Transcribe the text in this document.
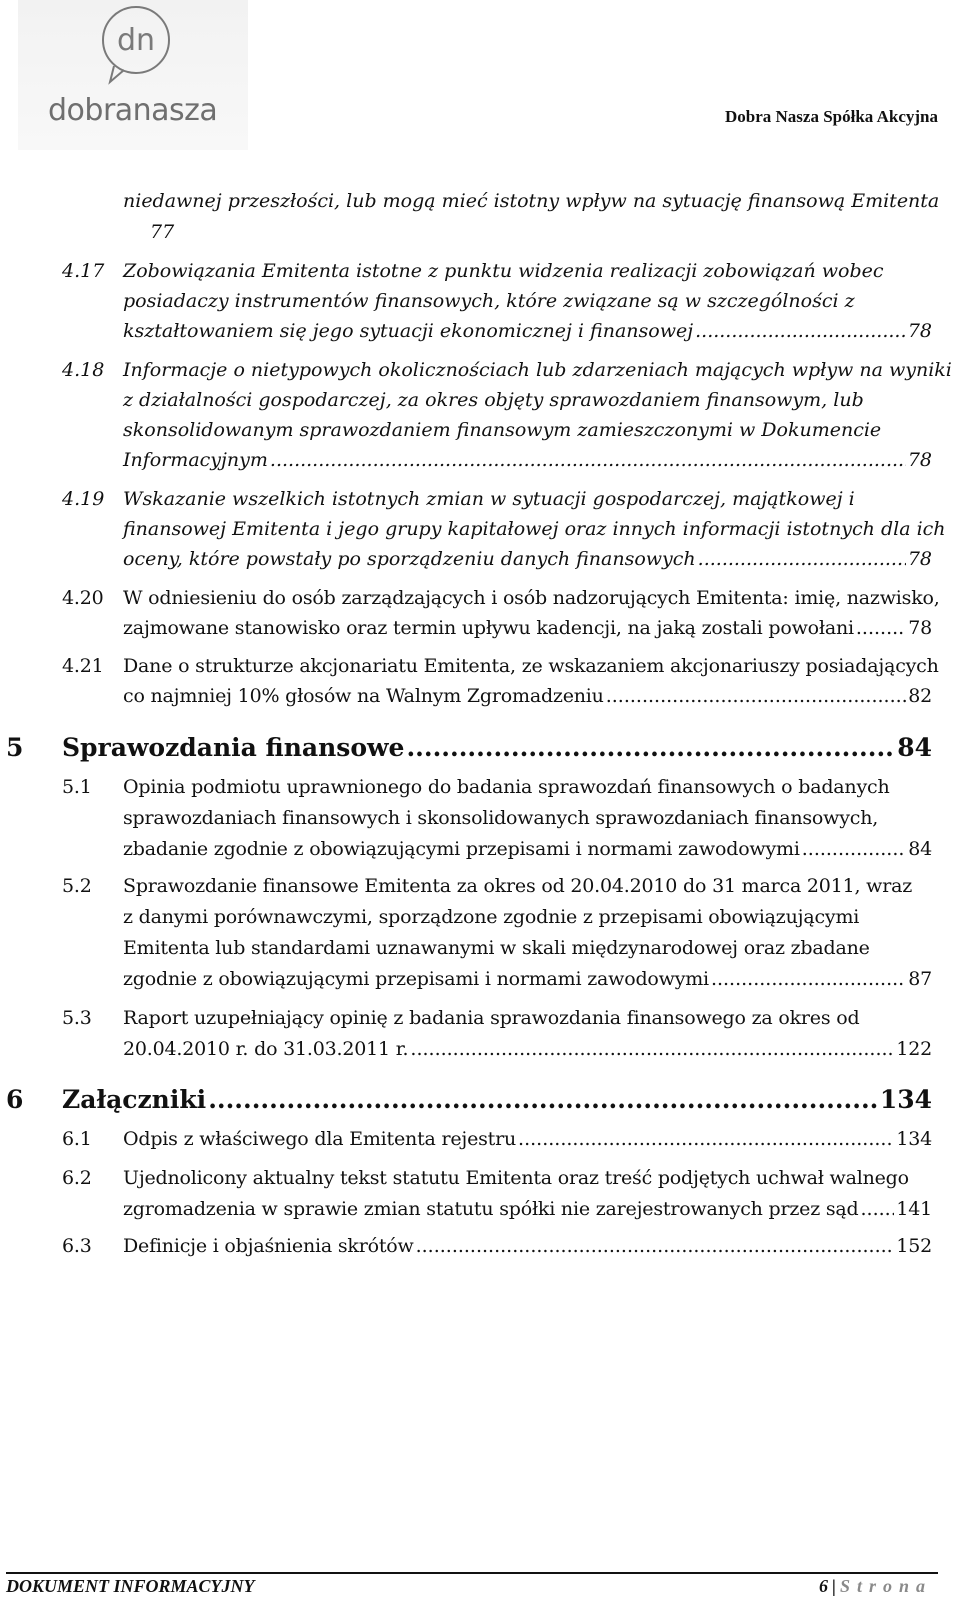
dn
dobranasza	Dobra Nasza Spółka Akcyjna
niedawnej przeszłości, lub mogą mieć istotny wpływ na sytuację finansową Emitenta
77
4.17 Zobowiązania Emitenta istotne z punktu widzenia realizacji zobowiązań wobec
posiadaczy instrumentów finansowych, które związane są w szczególności z
kształtowaniem się jego sytuacji ekonomicznej i finansowej .....	78
4.18 Informacje o nietypowych okolicznościach lub zdarzeniach mających wpływ na wyniki
z działalności gospodarczej, za okres objęty sprawozdaniem finansowym, lub
skonsolidowanym sprawozdaniem finansowym zamieszczonymi w Dokumencie
Informacyjnym .....	78
4.19 Wskazanie wszelkich istotnych zmian w sytuacji gospodarczej, majątkowej i
finansowej Emitenta i jego grupy kapitałowej oraz innych informacji istotnych dla ich
oceny, które powstały po sporządzeniu danych finansowych .....	78
4.20 W odniesieniu do osób zarządzających i osób nadzorujących Emitenta: imię, nazwisko,
zajmowane stanowisko oraz termin upływu kadencji, na jaką zostali powołani .....	78
4.21 Dane o strukturze akcjonariatu Emitenta, ze wskazaniem akcjonariuszy posiadających
co najmniej 10% głosów na Walnym Zgromadzeniu .....	82
5 Sprawozdania finansowe .....	84
5.1 Opinia podmiotu uprawnionego do badania sprawozdań finansowych o badanych
sprawozdaniach finansowych i skonsolidowanych sprawozdaniach finansowych,
zbadanie zgodnie z obowiązującymi przepisami i normami zawodowymi .....	84
5.2 Sprawozdanie finansowe Emitenta za okres od 20.04.2010 do 31 marca 2011, wraz
z danymi porównawczymi, sporządzone zgodnie z przepisami obowiązującymi
Emitenta lub standardami uznawanymi w skali międzynarodowej oraz zbadane
zgodnie z obowiązującymi przepisami i normami zawodowymi .....	87
5.3 Raport uzupełniający opinię z badania sprawozdania finansowego za okres od
20.04.2010 r. do 31.03.2011 r. .....	122
6 Załączniki .....	134
6.1 Odpis z właściwego dla Emitenta rejestru .....	134
6.2 Ujednolicony aktualny tekst statutu Emitenta oraz treść podjętych uchwał walnego
zgromadzenia w sprawie zmian statutu spółki nie zarejestrowanych przez sąd ..... 141
6.3 Definicje i objaśnienia skrótów .....	152
DOKUMENT INFORMACYJNY	6 | Strona
